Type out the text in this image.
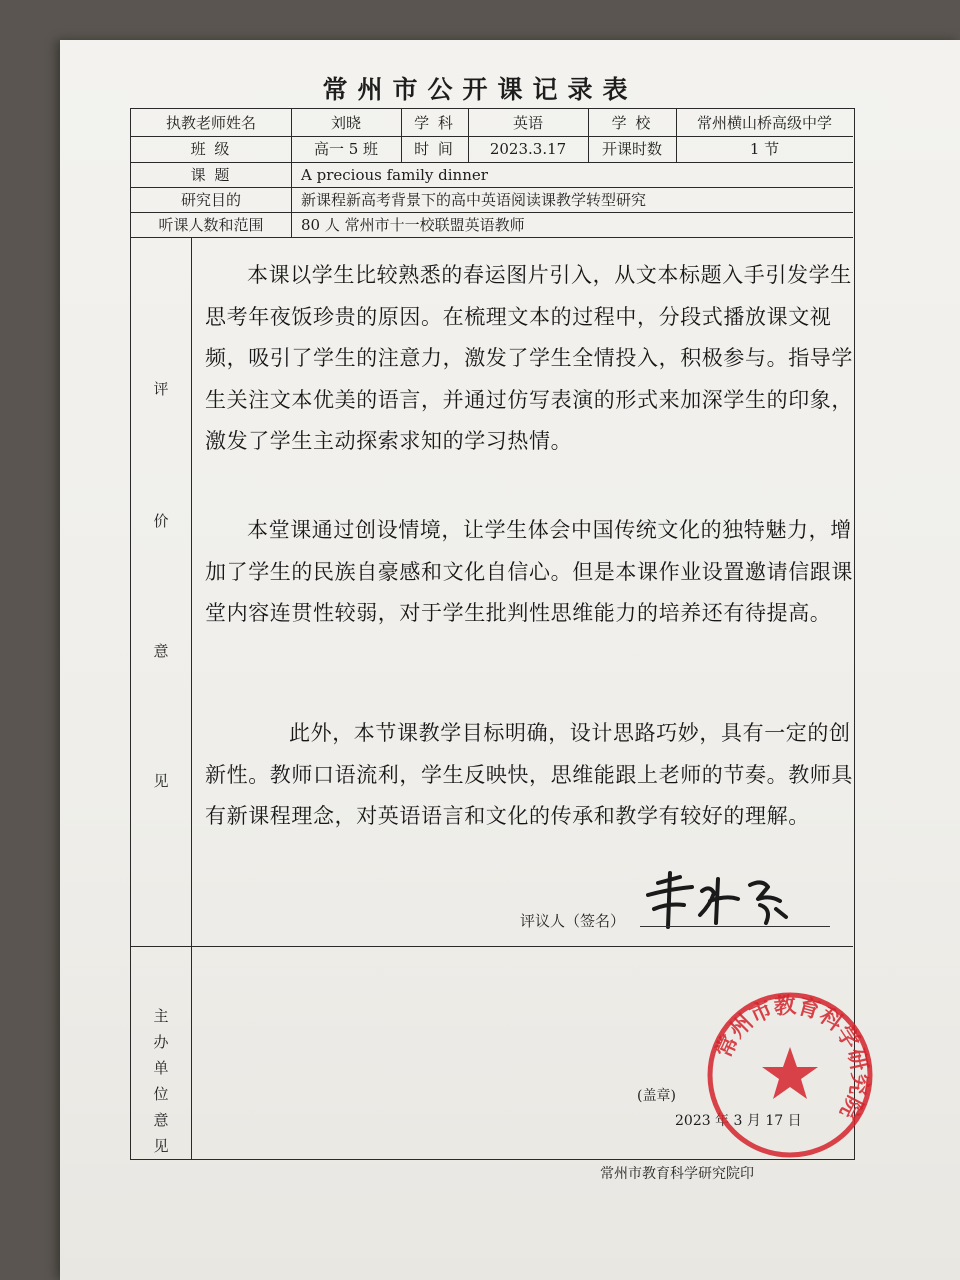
常州市公开课记录表
执教老师姓名	刘晓	学 科	英语	学 校	常州横山桥高级中学
班 级	高一 5 班	时 间	2023.3.17	开课时数	1 节
课 题	A precious family dinner
研究目的	新课程新高考背景下的高中英语阅读课教学转型研究
听课人数和范围	80 人 常州市十一校联盟英语教师
评
价
意
见

本课以学生比较熟悉的春运图片引入，从文本标题入手引发学生思考年夜饭珍贵的原因。在梳理文本的过程中，分段式播放课文视频，吸引了学生的注意力，激发了学生全情投入，积极参与。指导学生关注文本优美的语言，并通过仿写表演的形式来加深学生的印象，激发了学生主动探索求知的学习热情。

本堂课通过创设情境，让学生体会中国传统文化的独特魅力，增加了学生的民族自豪感和文化自信心。但是本课作业设置邀请信跟课堂内容连贯性较弱，对于学生批判性思维能力的培养还有待提高。

此外，本节课教学目标明确，设计思路巧妙，具有一定的创新性。教师口语流利，学生反映快，思维能跟上老师的节奏。教师具有新课程理念，对英语语言和文化的传承和教学有较好的理解。

评议人（签名）
主
办
单
位
意
见
(盖章)
2023 年 3 月 17 日
常州市教育科学研究院
常州市教育科学研究院印
